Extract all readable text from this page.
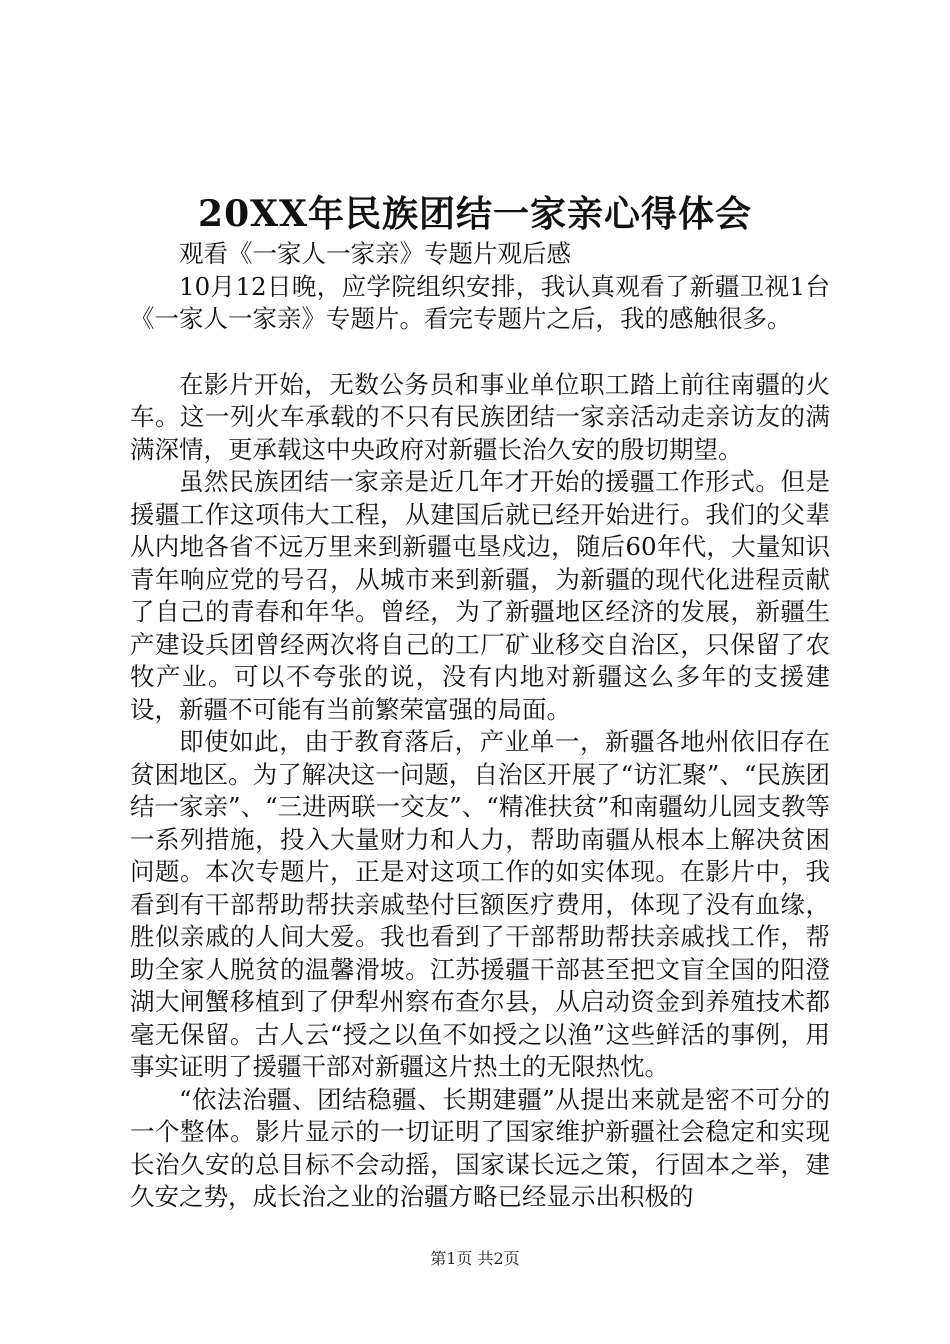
20XX年民族团结一家亲心得体会

观看《一家人一家亲》专题片观后感

10月12日晚，应学院组织安排，我认真观看了新疆卫视1台《一家人一家亲》专题片。看完专题片之后，我的感触很多。

在影片开始，无数公务员和事业单位职工踏上前往南疆的火车。这一列火车承载的不只有民族团结一家亲活动走亲访友的满满深情，更承载这中央政府对新疆长治久安的殷切期望。

虽然民族团结一家亲是近几年才开始的援疆工作形式。但是援疆工作这项伟大工程，从建国后就已经开始进行。我们的父辈从内地各省不远万里来到新疆屯垦戍边，随后60年代，大量知识青年响应党的号召，从城市来到新疆，为新疆的现代化进程贡献了自己的青春和年华。曾经，为了新疆地区经济的发展，新疆生产建设兵团曾经两次将自己的工厂矿业移交自治区，只保留了农牧产业。可以不夸张的说，没有内地对新疆这么多年的支援建设，新疆不可能有当前繁荣富强的局面。

即使如此，由于教育落后，产业单一，新疆各地州依旧存在贫困地区。为了解决这一问题，自治区开展了“访汇聚”、“民族团结一家亲”、“三进两联一交友”、“精准扶贫”和南疆幼儿园支教等一系列措施，投入大量财力和人力，帮助南疆从根本上解决贫困问题。本次专题片，正是对这项工作的如实体现。在影片中，我看到有干部帮助帮扶亲戚垫付巨额医疗费用，体现了没有血缘，胜似亲戚的人间大爱。我也看到了干部帮助帮扶亲戚找工作，帮助全家人脱贫的温馨滑坡。江苏援疆干部甚至把文盲全国的阳澄湖大闸蟹移植到了伊犁州察布查尔县，从启动资金到养殖技术都毫无保留。古人云“授之以鱼不如授之以渔”这些鲜活的事例，用事实证明了援疆干部对新疆这片热土的无限热忱。

“依法治疆、团结稳疆、长期建疆”从提出来就是密不可分的一个整体。影片显示的一切证明了国家维护新疆社会稳定和实现长治久安的总目标不会动摇，国家谋长远之策，行固本之举，建久安之势，成长治之业的治疆方略已经显示出积极的

第1页 共2页
